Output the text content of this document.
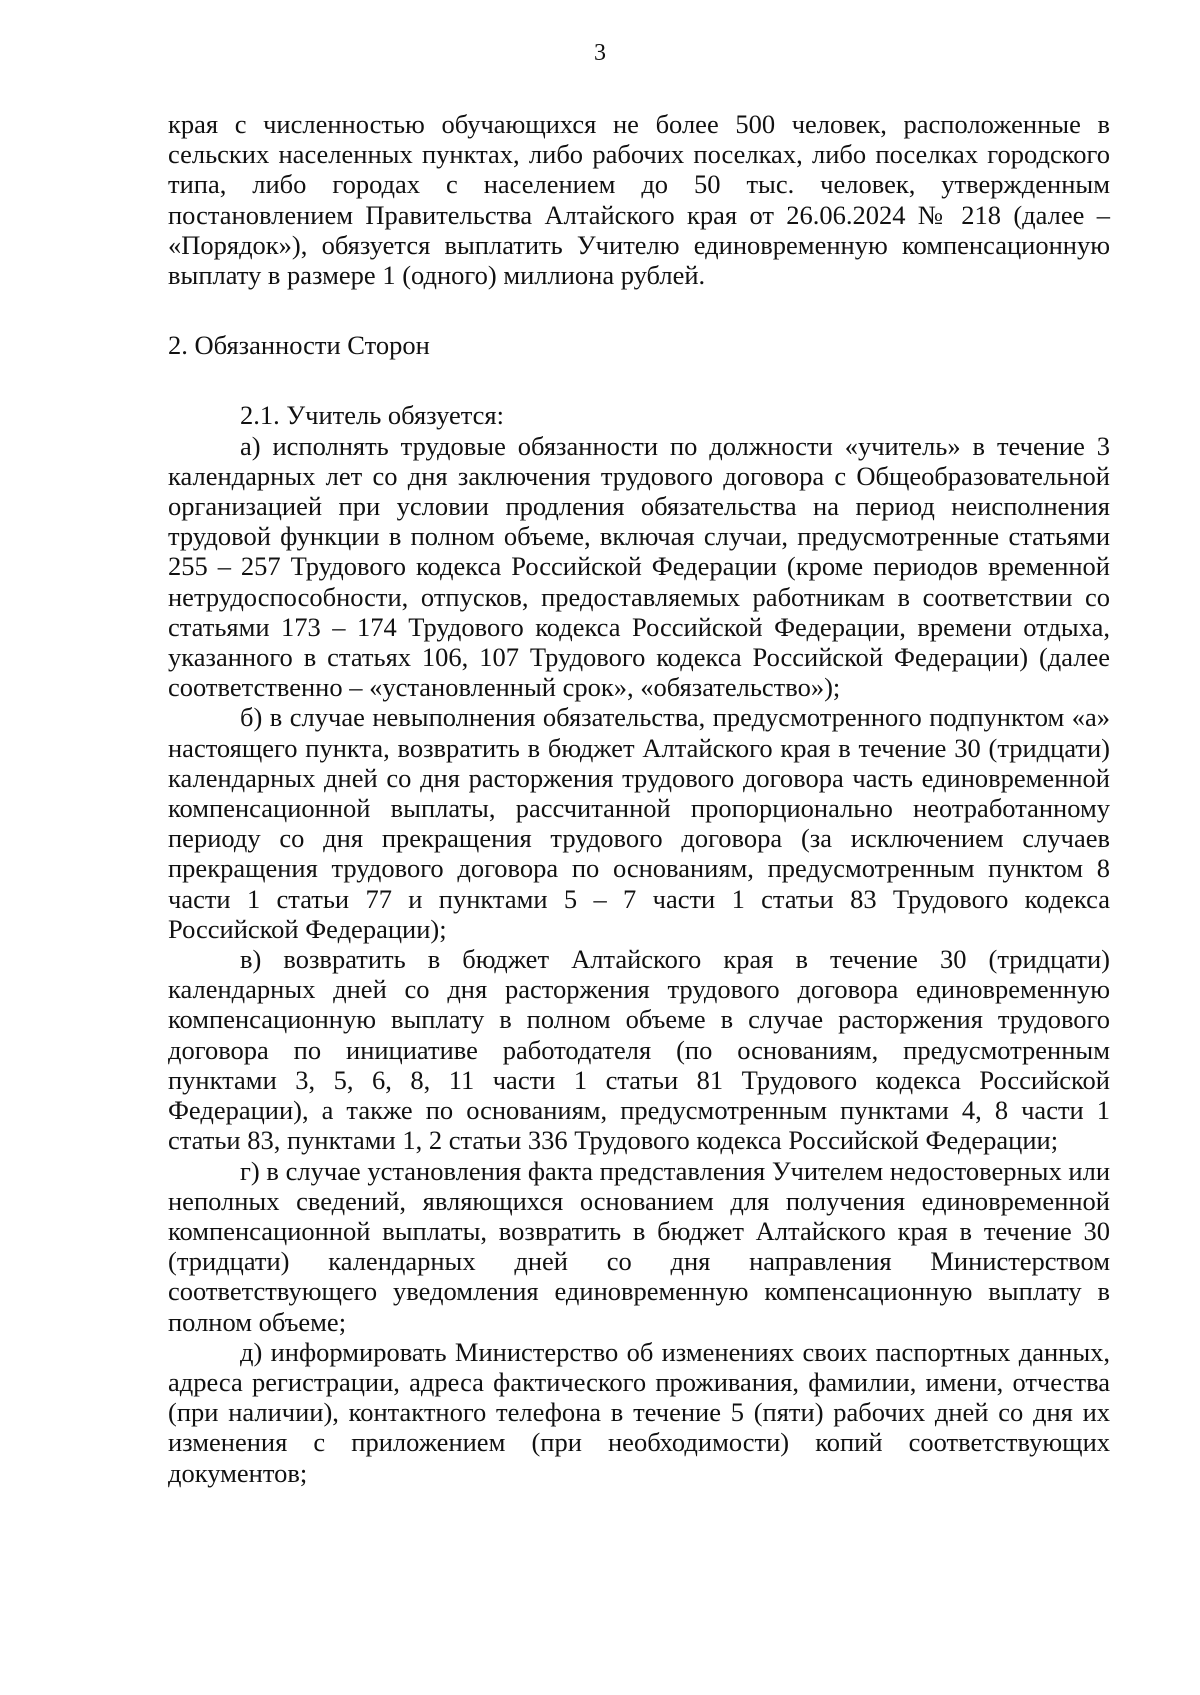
3

края с численностью обучающихся не более 500 человек, расположенные в сельских населенных пунктах, либо рабочих поселках, либо поселках городского типа, либо городах с населением до 50 тыс. человек, утвержденным постановлением Правительства Алтайского края от 26.06.2024 № 218 (далее – «Порядок»), обязуется выплатить Учителю единовременную компенсационную выплату в размере 1 (одного) миллиона рублей.

2. Обязанности Сторон

2.1. Учитель обязуется:

а) исполнять трудовые обязанности по должности «учитель» в течение 3 календарных лет со дня заключения трудового договора с Общеобразовательной организацией при условии продления обязательства на период неисполнения трудовой функции в полном объеме, включая случаи, предусмотренные статьями 255 – 257 Трудового кодекса Российской Федерации (кроме периодов временной нетрудоспособности, отпусков, предоставляемых работникам в соответствии со статьями 173 – 174 Трудового кодекса Российской Федерации, времени отдыха, указанного в статьях 106, 107 Трудового кодекса Российской Федерации) (далее соответственно – «установленный срок», «обязательство»);

б) в случае невыполнения обязательства, предусмотренного подпунктом «а» настоящего пункта, возвратить в бюджет Алтайского края в течение 30 (тридцати) календарных дней со дня расторжения трудового договора часть единовременной компенсационной выплаты, рассчитанной пропорционально неотработанному периоду со дня прекращения трудового договора (за исключением случаев прекращения трудового договора по основаниям, предусмотренным пунктом 8 части 1 статьи 77 и пунктами 5 – 7 части 1 статьи 83 Трудового кодекса Российской Федерации);

в) возвратить в бюджет Алтайского края в течение 30 (тридцати) календарных дней со дня расторжения трудового договора единовременную компенсационную выплату в полном объеме в случае расторжения трудового договора по инициативе работодателя (по основаниям, предусмотренным пунктами 3, 5, 6, 8, 11 части 1 статьи 81 Трудового кодекса Российской Федерации), а также по основаниям, предусмотренным пунктами 4, 8 части 1 статьи 83, пунктами 1, 2 статьи 336 Трудового кодекса Российской Федерации;

г) в случае установления факта представления Учителем недостоверных или неполных сведений, являющихся основанием для получения единовременной компенсационной выплаты, возвратить в бюджет Алтайского края в течение 30 (тридцати) календарных дней со дня направления Министерством соответствующего уведомления единовременную компенсационную выплату в полном объеме;

д) информировать Министерство об изменениях своих паспортных данных, адреса регистрации, адреса фактического проживания, фамилии, имени, отчества (при наличии), контактного телефона в течение 5 (пяти) рабочих дней со дня их изменения с приложением (при необходимости) копий соответствующих документов;
